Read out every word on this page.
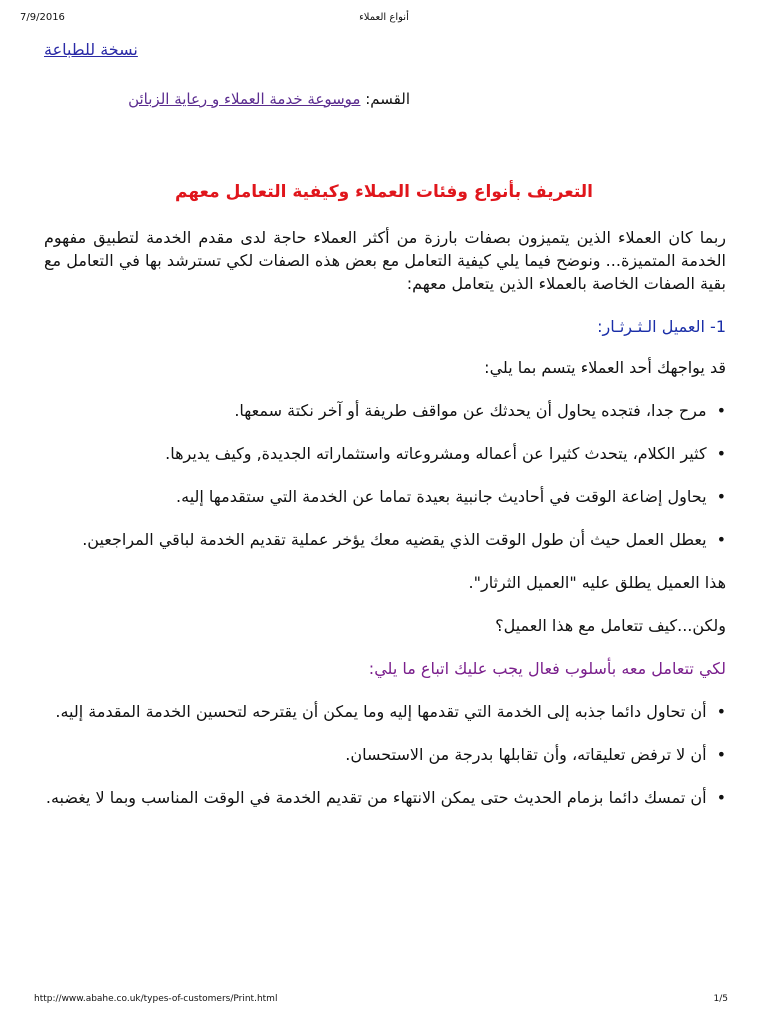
7/9/2016	أنواع العملاء
نسخة للطباعة
القسم: موسوعة خدمة العملاء و رعاية الزبائن
التعريف بأنواع وفئات العملاء وكيفية التعامل معهم

ربما كان العملاء الذين يتميزون بصفات بارزة من أكثر العملاء حاجة لدى مقدم الخدمة لتطبيق مفهوم الخدمة المتميزة... ونوضح فيما يلي كيفية التعامل مع بعض هذه الصفات لكي تسترشد بها في التعامل مع بقية الصفات الخاصة بالعملاء الذين يتعامل معهم:

1- العميل الـثـرثـار:

قد يواجهك أحد العملاء يتسم بما يلي:

•مرح جدا، فتجده يحاول أن يحدثك عن مواقف طريفة أو آخر نكتة سمعها.

•كثير الكلام، يتحدث كثيرا عن أعماله ومشروعاته واستثماراته الجديدة, وكيف يديرها.

•يحاول إضاعة الوقت في أحاديث جانبية بعيدة تماما عن الخدمة التي ستقدمها إليه.

•يعطل العمل حيث أن طول الوقت الذي يقضيه معك يؤخر عملية تقديم الخدمة لباقي المراجعين.

هذا العميل يطلق عليه "العميل الثرثار".

ولكن...كيف تتعامل مع هذا العميل؟

لكي تتعامل معه بأسلوب فعال يجب عليك اتباع ما يلي:

•أن تحاول دائما جذبه إلى الخدمة التي تقدمها إليه وما يمكن أن يقترحه لتحسين الخدمة المقدمة إليه.

•أن لا ترفض تعليقاته، وأن تقابلها بدرجة من الاستحسان.

•أن تمسك دائما بزمام الحديث حتى يمكن الانتهاء من تقديم الخدمة في الوقت المناسب وبما لا يغضبه.

http://www.abahe.co.uk/types-of-customers/Print.html	1/5
